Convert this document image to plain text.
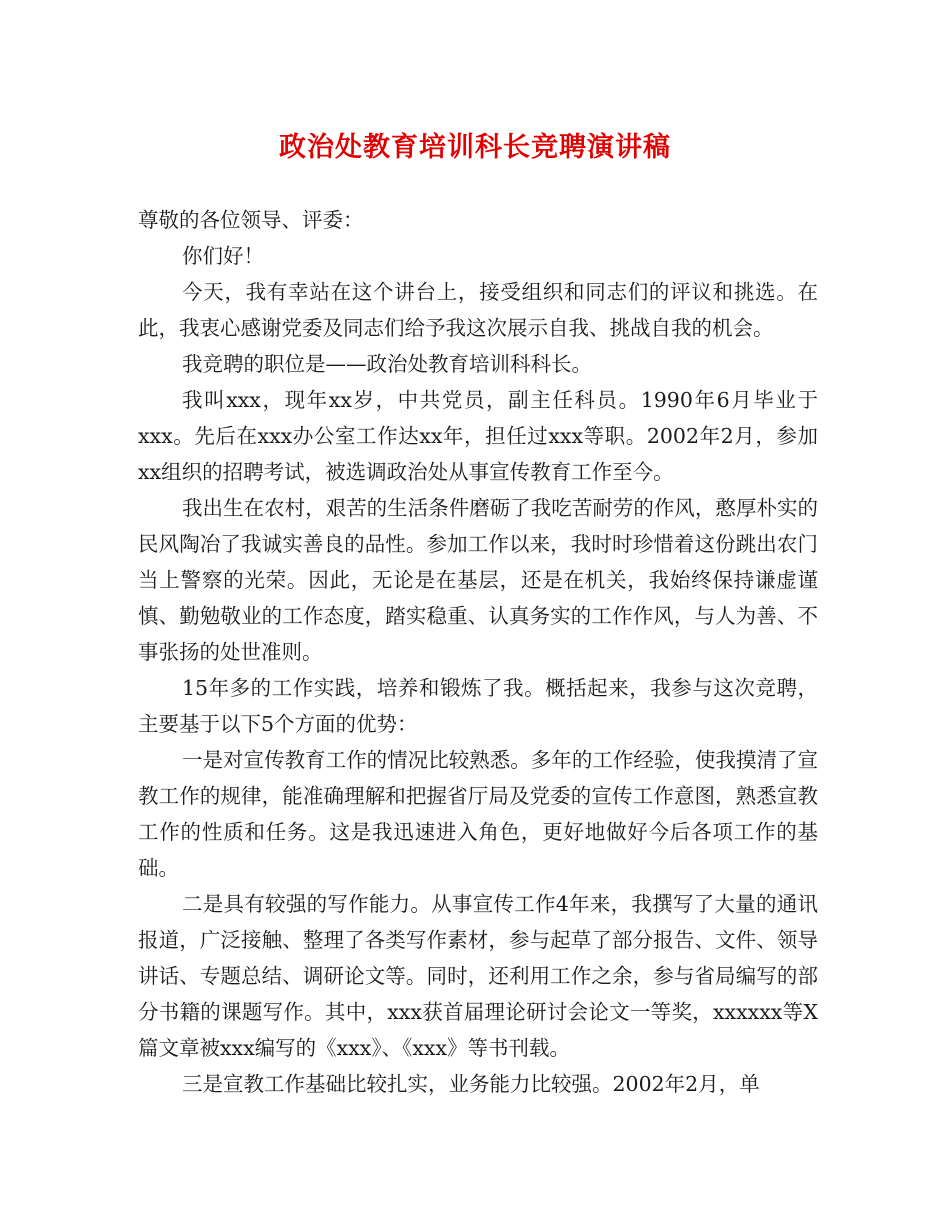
政治处教育培训科长竞聘演讲稿

尊敬的各位领导、评委：

你们好！

今天，我有幸站在这个讲台上，接受组织和同志们的评议和挑选。在此，我衷心感谢党委及同志们给予我这次展示自我、挑战自我的机会。

我竞聘的职位是——政治处教育培训科科长。

我叫xxx，现年xx岁，中共党员，副主任科员。1990年6月毕业于xxx。先后在xxx办公室工作达xx年，担任过xxx等职。2002年2月，参加xx组织的招聘考试，被选调政治处从事宣传教育工作至今。

我出生在农村，艰苦的生活条件磨砺了我吃苦耐劳的作风，憨厚朴实的民风陶冶了我诚实善良的品性。参加工作以来，我时时珍惜着这份跳出农门当上警察的光荣。因此，无论是在基层，还是在机关，我始终保持谦虚谨慎、勤勉敬业的工作态度，踏实稳重、认真务实的工作作风，与人为善、不事张扬的处世准则。

15年多的工作实践，培养和锻炼了我。概括起来，我参与这次竞聘，主要基于以下5个方面的优势：

一是对宣传教育工作的情况比较熟悉。多年的工作经验，使我摸清了宣教工作的规律，能准确理解和把握省厅局及党委的宣传工作意图，熟悉宣教工作的性质和任务。这是我迅速进入角色，更好地做好今后各项工作的基础。

二是具有较强的写作能力。从事宣传工作4年来，我撰写了大量的通讯报道，广泛接触、整理了各类写作素材，参与起草了部分报告、文件、领导讲话、专题总结、调研论文等。同时，还利用工作之余，参与省局编写的部分书籍的课题写作。其中，xxx获首届理论研讨会论文一等奖，xxxxxx等X篇文章被xxx编写的《xxx》、《xxx》等书刊载。

三是宣教工作基础比较扎实，业务能力比较强。2002年2月，单
